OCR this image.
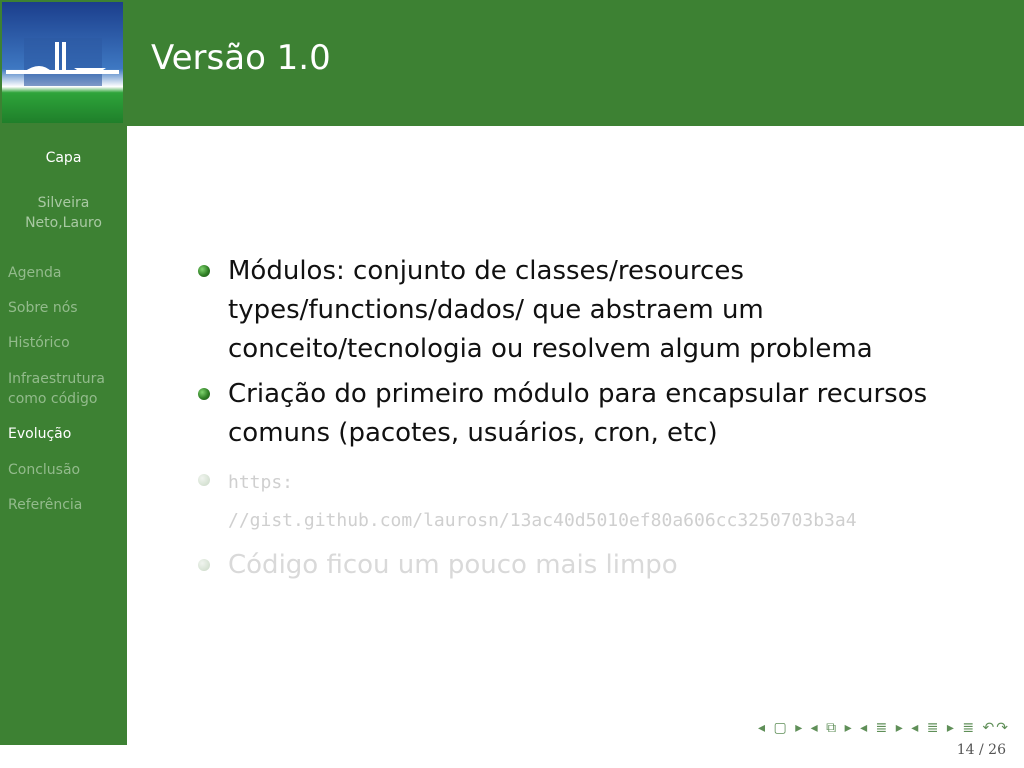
Capa
Silveira Neto,Lauro
Agenda
Sobre nós
Histórico
Infraestrutura como código
Evolução
Conclusão
Referência
Versão 1.0
Módulos: conjunto de classes/resources types/functions/dados/ que abstraem um conceito/tecnologia ou resolvem algum problema
Criação do primeiro módulo para encapsular recursos comuns (pacotes, usuários, cron, etc)
https:
//gist.github.com/laurosn/13ac40d5010ef80a606cc3250703b3a4
Código ficou um pouco mais limpo
◂ ▢ ▸ ◂ ⧉ ▸ ◂ ≣ ▸ ◂ ≣ ▸ ≣ ↶↷
14 / 26
